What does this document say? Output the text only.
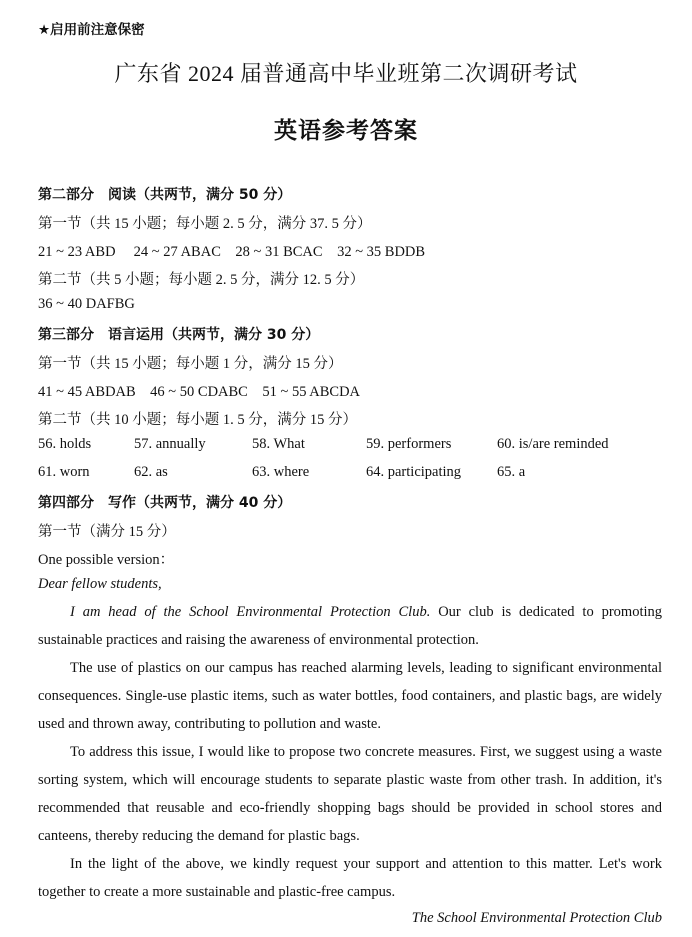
★启用前注意保密
广东省 2024 届普通高中毕业班第二次调研考试
英语参考答案
第二部分　阅读（共两节，满分 50 分）
第一节（共 15 小题；每小题 2. 5 分，满分 37. 5 分）
21 ~ 23 ABD　 24 ~ 27 ABAC　28 ~ 31 BCAC　32 ~ 35 BDDB
第二节（共 5 小题；每小题 2. 5 分，满分 12. 5 分）
36 ~ 40 DAFBG
第三部分　语言运用（共两节，满分 30 分）
第一节（共 15 小题；每小题 1 分，满分 15 分）
41 ~ 45 ABDAB　46 ~ 50 CDABC　51 ~ 55 ABCDA
第二节（共 10 小题；每小题 1. 5 分，满分 15 分）
56. holds	57. annually	58. What	59. performers	60. is/are reminded
61. worn	62. as	63. where	64. participating 65. a
第四部分　写作（共两节，满分 40 分）
第一节（满分 15 分）
One possible version：
Dear fellow students,
I am head of the School Environmental Protection Club. Our club is dedicated to promoting sustainable practices and raising the awareness of environmental protection.
The use of plastics on our campus has reached alarming levels, leading to significant environmental consequences. Single-use plastic items, such as water bottles, food containers, and plastic bags, are widely used and thrown away, contributing to pollution and waste.
To address this issue, I would like to propose two concrete measures. First, we suggest using a waste sorting system, which will encourage students to separate plastic waste from other trash. In addition, it's recommended that reusable and eco-friendly shopping bags should be provided in school stores and canteens, thereby reducing the demand for plastic bags.
In the light of the above, we kindly request your support and attention to this matter. Let's work together to create a more sustainable and plastic-free campus.
The School Environmental Protection Club
